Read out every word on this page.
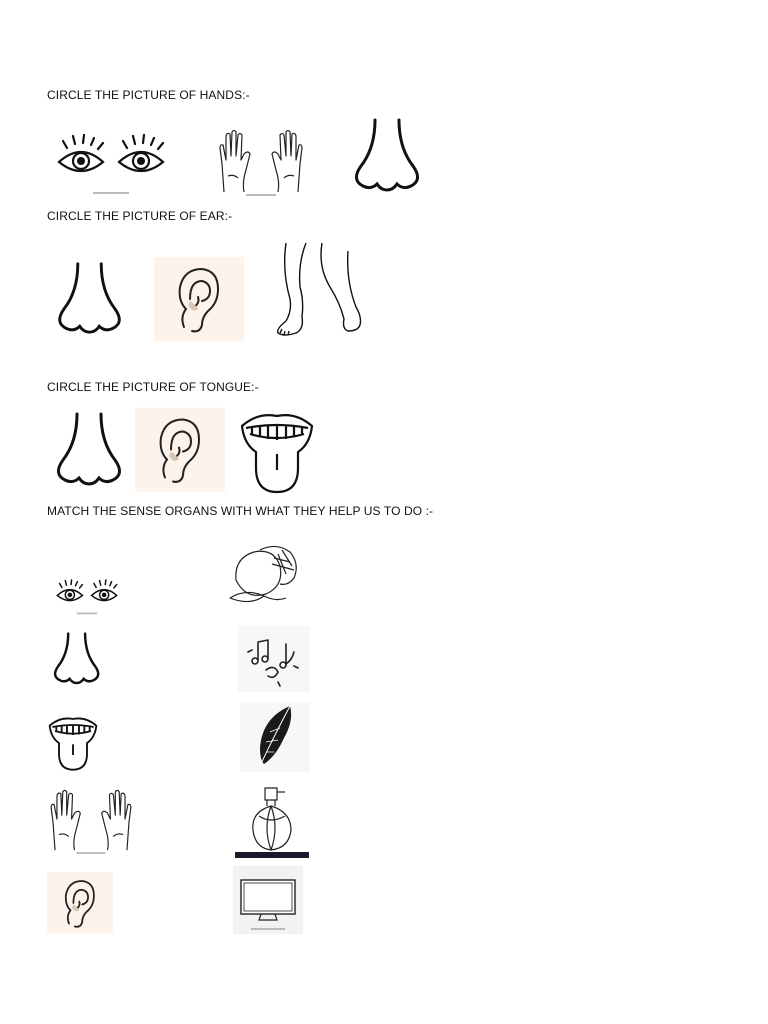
CIRCLE THE PICTURE OF HANDS:-
CIRCLE THE PICTURE OF EAR:-
CIRCLE THE PICTURE OF TONGUE:-
MATCH THE SENSE ORGANS WITH WHAT THEY HELP US TO DO :-
